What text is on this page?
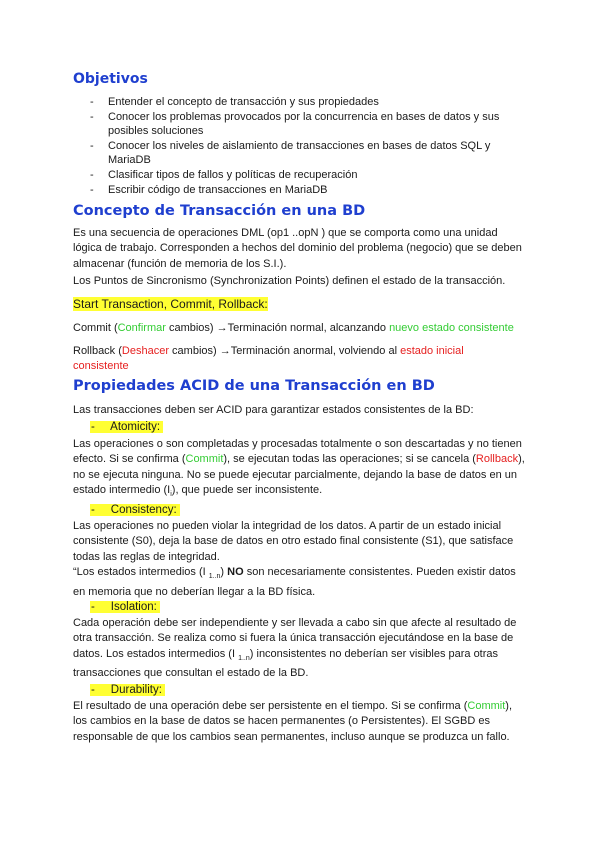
Objetivos
- Entender el concepto de transacción y sus propiedades
- Conocer los problemas provocados por la concurrencia en bases de datos y sus posibles soluciones
- Conocer los niveles de aislamiento de transacciones en bases de datos SQL y MariaDB
- Clasificar tipos de fallos y políticas de recuperación
- Escribir código de transacciones en MariaDB
Concepto de Transacción en una BD

Es una secuencia de operaciones DML (op1 ..opN ) que se comporta como una unidad lógica de trabajo. Corresponden a hechos del dominio del problema (negocio) que se deben almacenar (función de memoria de los S.I.).

Los Puntos de Sincronismo (Synchronization Points) definen el estado de la transacción.

Start Transaction, Commit, Rollback:

Commit (Confirmar cambios) →Terminación normal, alcanzando nuevo estado consistente

Rollback (Deshacer cambios) →Terminación anormal, volviendo al estado inicial consistente

Propiedades ACID de una Transacción en BD

Las transacciones deben ser ACID para garantizar estados consistentes de la BD:

-     Atomicity:

Las operaciones o son completadas y procesadas totalmente o son descartadas y no tienen efecto. Si se confirma (Commit), se ejecutan todas las operaciones; si se cancela (Rollback), no se ejecuta ninguna. No se puede ejecutar parcialmente, dejando la base de datos en un estado intermedio $(I_i)$, que puede ser inconsistente.

-     Consistency:

Las operaciones no pueden violar la integridad de los datos. A partir de un estado inicial consistente (S0), deja la base de datos en otro estado final consistente (S1), que satisface todas las reglas de integridad.

“Los estados intermedios (I $_{1..n}$) NO son necesariamente consistentes. Pueden existir datos en memoria que no deberían llegar a la BD física.

-     Isolation:

Cada operación debe ser independiente y ser llevada a cabo sin que afecte al resultado de otra transacción. Se realiza como si fuera la única transacción ejecutándose en la base de datos. Los estados intermedios (I $_{1..n}$) inconsistentes no deberían ser visibles para otras transacciones que consultan el estado de la BD.

-     Durability:

El resultado de una operación debe ser persistente en el tiempo. Si se confirma (Commit), los cambios en la base de datos se hacen permanentes (o Persistentes). El SGBD es responsable de que los cambios sean permanentes, incluso aunque se produzca un fallo.
